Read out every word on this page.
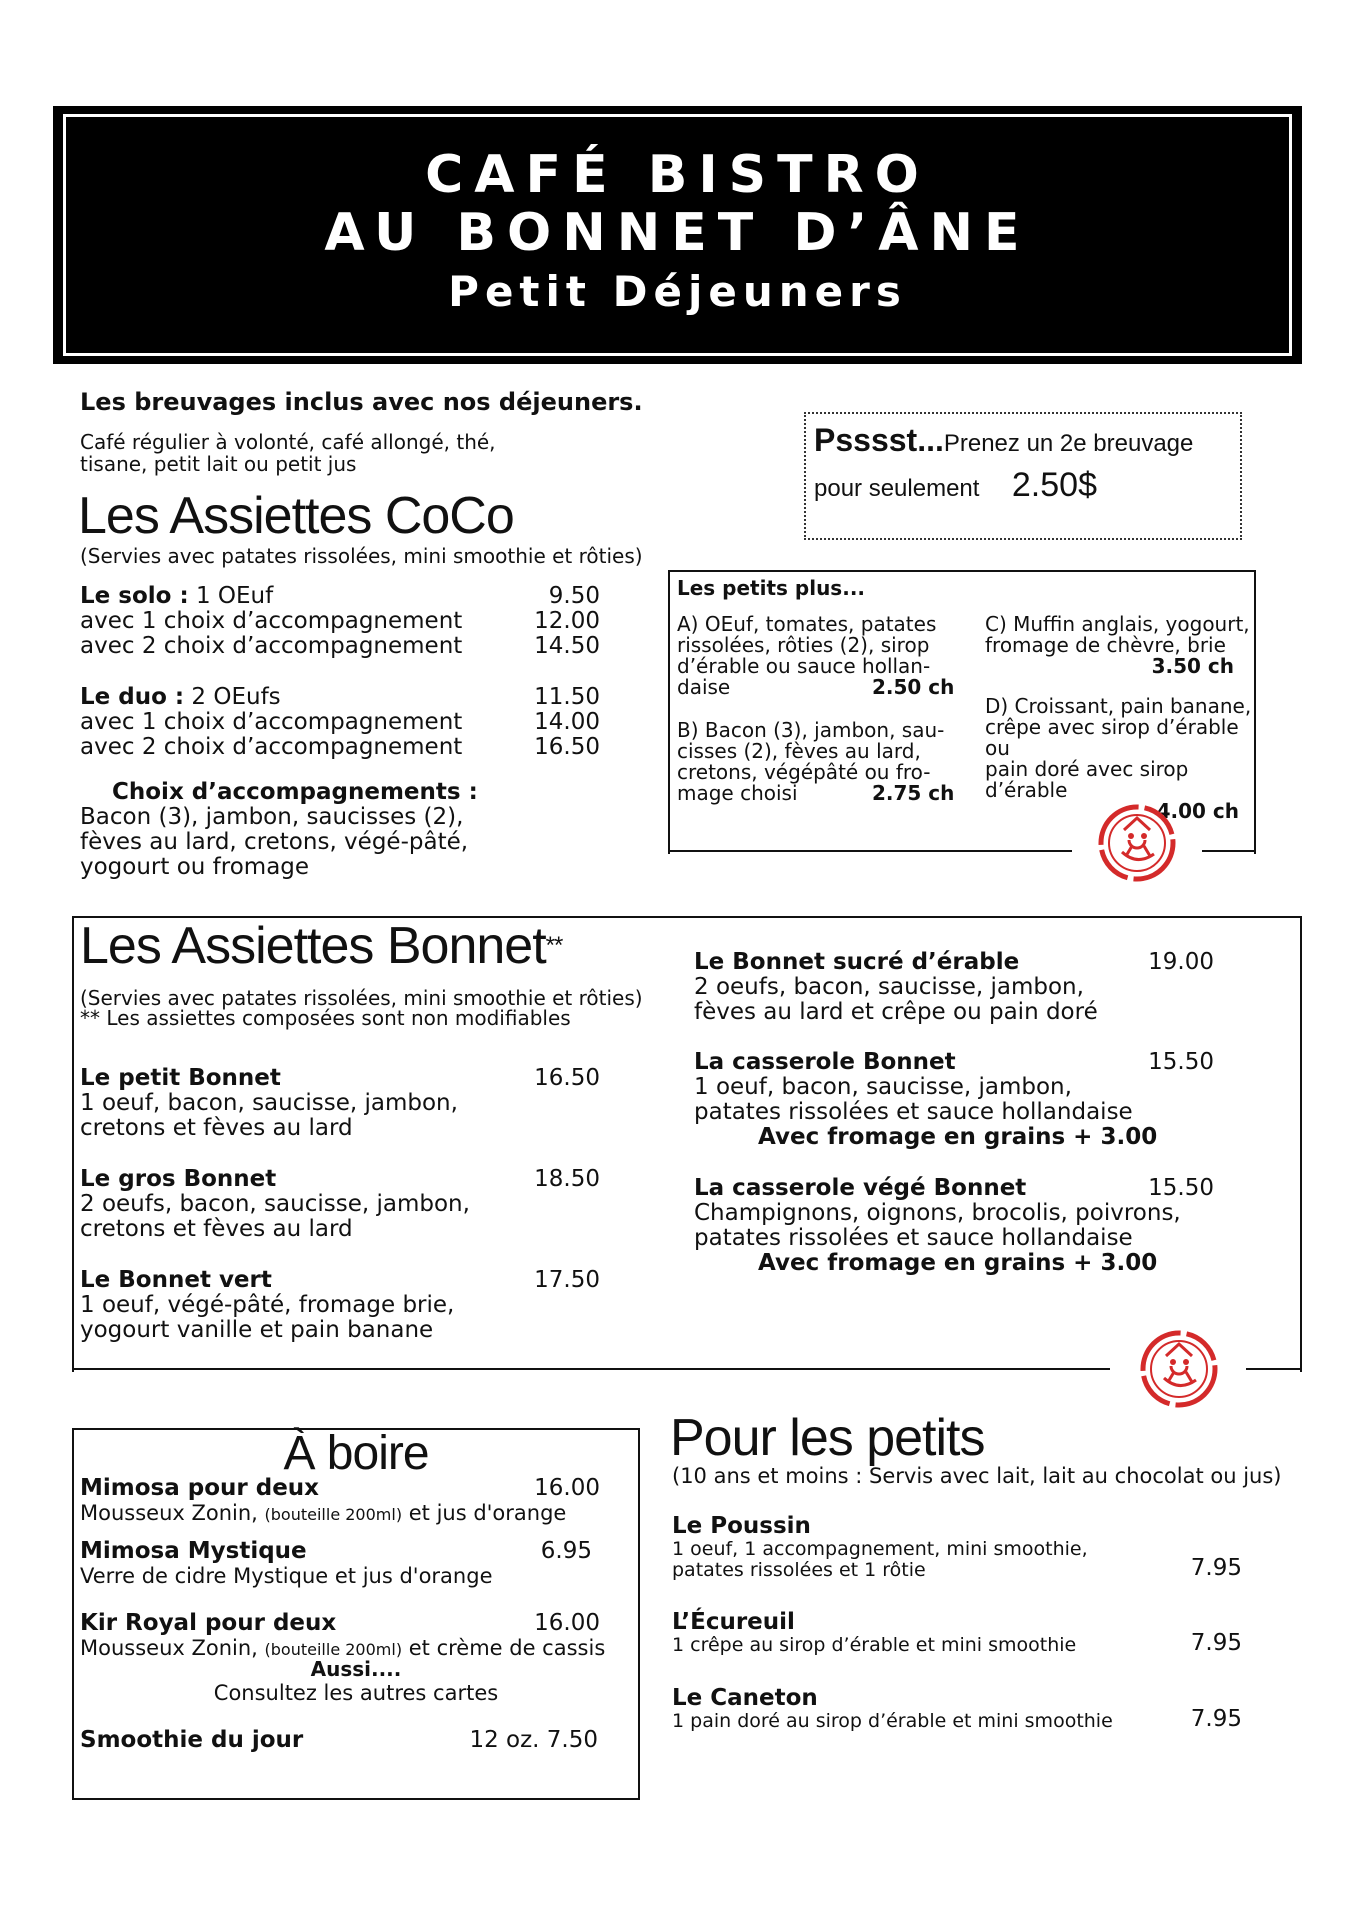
CAFÉ BISTRO
AU BONNET D’ÂNE
Petit Déjeuners
Les breuvages inclus avec nos déjeuners.
Café régulier à volonté, café allongé, thé,
tisane, petit lait ou petit jus
Psssst...Prenez un 2e breuvage
pour seulement 2.50$
Les Assiettes CoCo
(Servies avec patates rissolées, mini smoothie et rôties)
Le solo : 1 OEuf	9.50
avec 1 choix d’accompagnement	12.00
avec 2 choix d’accompagnement	14.50
Le duo : 2 OEufs	11.50
avec 1 choix d’accompagnement	14.00
avec 2 choix d’accompagnement	16.50
Choix d’accompagnements :
Bacon (3), jambon, saucisses (2),
fèves au lard, cretons, végé-pâté,
yogourt ou fromage
Les petits plus...
A) OEuf, tomates, patates
rissolées, rôties (2), sirop
d’érable ou sauce hollan-
daise	2.50 ch
B) Bacon (3), jambon, sau-
cisses (2), fèves au lard,
cretons, végépâté ou fro-
mage choisi	2.75 ch
C) Muffin anglais, yogourt,
fromage de chèvre, brie
3.50 ch
D) Croissant, pain banane,
crêpe avec sirop d’érable ou
pain doré avec sirop d’érable
4.00 ch
Les Assiettes Bonnet**
(Servies avec patates rissolées, mini smoothie et rôties)
** Les assiettes composées sont non modifiables
Le petit Bonnet	16.50
1 oeuf, bacon, saucisse, jambon,
cretons et fèves au lard
Le gros Bonnet	18.50
2 oeufs, bacon, saucisse, jambon,
cretons et fèves au lard
Le Bonnet vert	17.50
1 oeuf, végé-pâté, fromage brie,
yogourt vanille et pain banane
Le Bonnet sucré d’érable	19.00
2 oeufs, bacon, saucisse, jambon,
fèves au lard et crêpe ou pain doré
La casserole Bonnet	15.50
1 oeuf, bacon, saucisse, jambon,
patates rissolées et sauce hollandaise
Avec fromage en grains + 3.00
La casserole végé Bonnet	15.50
Champignons, oignons, brocolis, poivrons,
patates rissolées et sauce hollandaise
Avec fromage en grains + 3.00
À boire
Mimosa pour deux	16.00
Mousseux Zonin, (bouteille 200ml) et jus d'orange
Mimosa Mystique	6.95
Verre de cidre Mystique et jus d'orange
Kir Royal pour deux	16.00
Mousseux Zonin, (bouteille 200ml) et crème de cassis
Aussi....
Consultez les autres cartes
Smoothie du jour	12 oz. 7.50
Pour les petits
(10 ans et moins : Servis avec lait, lait au chocolat ou jus)
Le Poussin
1 oeuf, 1 accompagnement, mini smoothie,
patates rissolées et 1 rôtie	7.95
L’Écureuil
1 crêpe au sirop d’érable et mini smoothie	7.95
Le Caneton
1 pain doré au sirop d’érable et mini smoothie	7.95
